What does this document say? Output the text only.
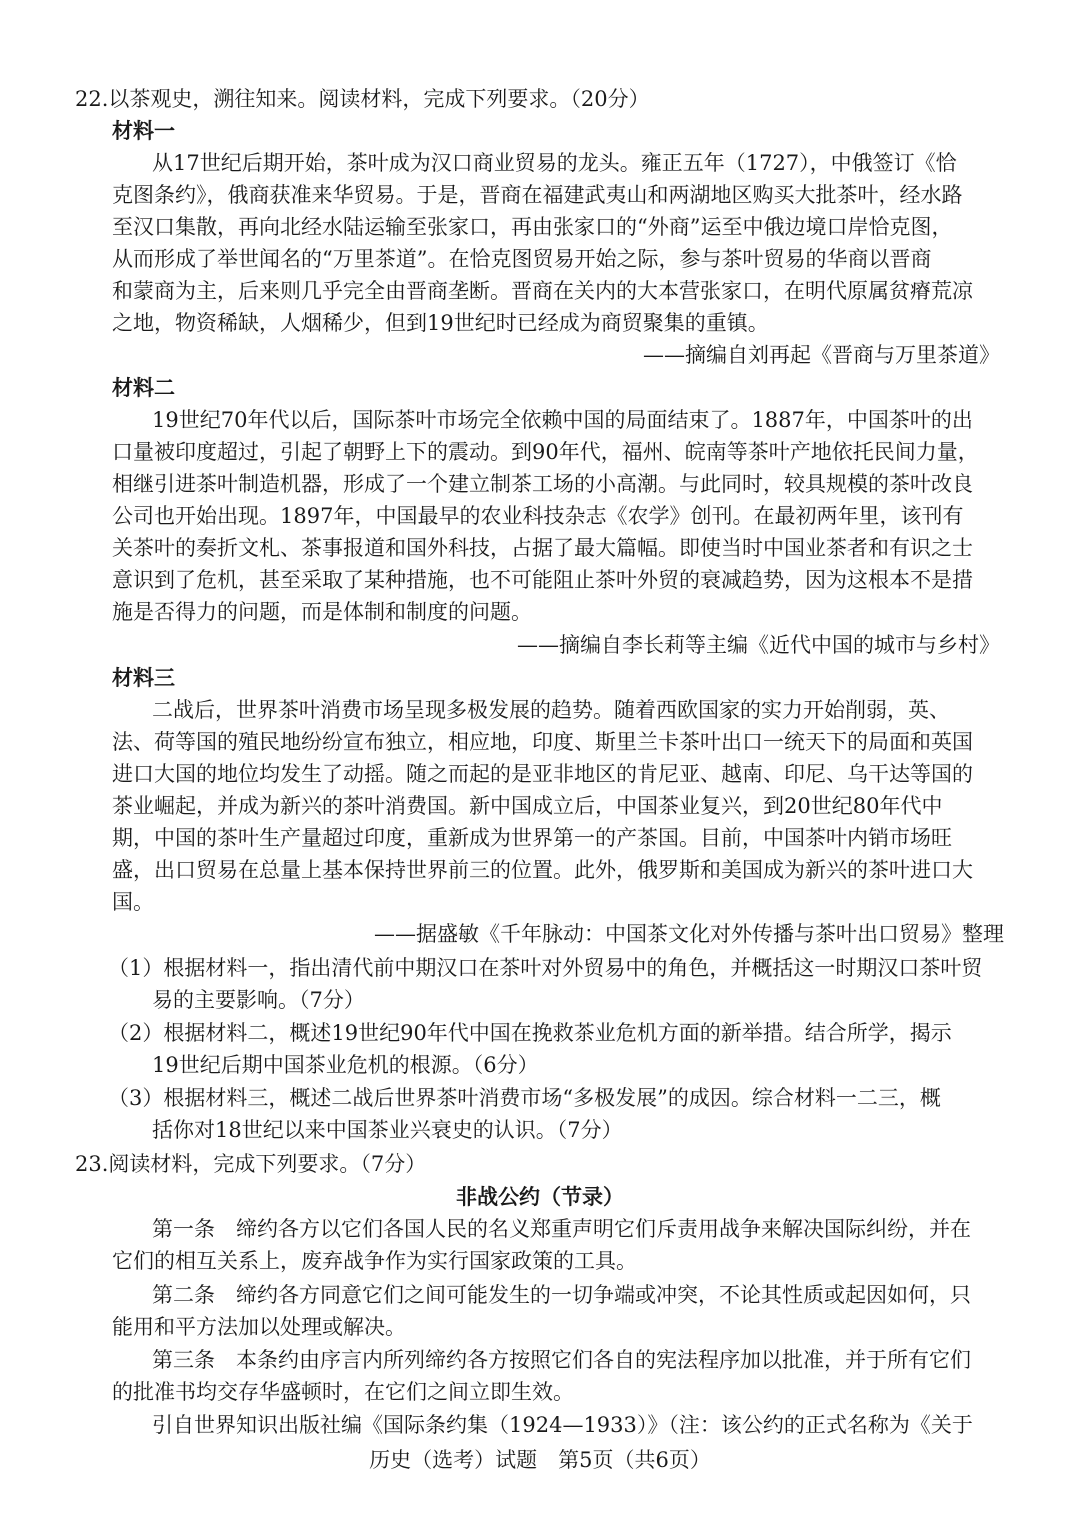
22.以茶观史，溯往知来。阅读材料，完成下列要求。（20分）
材料一
从17世纪后期开始，茶叶成为汉口商业贸易的龙头。雍正五年（1727），中俄签订《恰
克图条约》，俄商获准来华贸易。于是，晋商在福建武夷山和两湖地区购买大批茶叶，经水路
至汉口集散，再向北经水陆运输至张家口，再由张家口的“外商”运至中俄边境口岸恰克图，
从而形成了举世闻名的“万里茶道”。在恰克图贸易开始之际，参与茶叶贸易的华商以晋商
和蒙商为主，后来则几乎完全由晋商垄断。晋商在关内的大本营张家口，在明代原属贫瘠荒凉
之地，物资稀缺，人烟稀少，但到19世纪时已经成为商贸聚集的重镇。
——摘编自刘再起《晋商与万里茶道》
材料二
19世纪70年代以后，国际茶叶市场完全依赖中国的局面结束了。1887年，中国茶叶的出
口量被印度超过，引起了朝野上下的震动。到90年代，福州、皖南等茶叶产地依托民间力量，
相继引进茶叶制造机器，形成了一个建立制茶工场的小高潮。与此同时，较具规模的茶叶改良
公司也开始出现。1897年，中国最早的农业科技杂志《农学》创刊。在最初两年里，该刊有
关茶叶的奏折文札、茶事报道和国外科技，占据了最大篇幅。即使当时中国业茶者和有识之士
意识到了危机，甚至采取了某种措施，也不可能阻止茶叶外贸的衰减趋势，因为这根本不是措
施是否得力的问题，而是体制和制度的问题。
——摘编自李长莉等主编《近代中国的城市与乡村》
材料三
二战后，世界茶叶消费市场呈现多极发展的趋势。随着西欧国家的实力开始削弱，英、
法、荷等国的殖民地纷纷宣布独立，相应地，印度、斯里兰卡茶叶出口一统天下的局面和英国
进口大国的地位均发生了动摇。随之而起的是亚非地区的肯尼亚、越南、印尼、乌干达等国的
茶业崛起，并成为新兴的茶叶消费国。新中国成立后，中国茶业复兴，到20世纪80年代中
期，中国的茶叶生产量超过印度，重新成为世界第一的产茶国。目前，中国茶叶内销市场旺
盛，出口贸易在总量上基本保持世界前三的位置。此外，俄罗斯和美国成为新兴的茶叶进口大
国。
——据盛敏《千年脉动：中国茶文化对外传播与茶叶出口贸易》整理
（1）根据材料一，指出清代前中期汉口在茶叶对外贸易中的角色，并概括这一时期汉口茶叶贸
易的主要影响。（7分）
（2）根据材料二，概述19世纪90年代中国在挽救茶业危机方面的新举措。结合所学，揭示
19世纪后期中国茶业危机的根源。（6分）
（3）根据材料三，概述二战后世界茶叶消费市场“多极发展”的成因。综合材料一二三，概
括你对18世纪以来中国茶业兴衰史的认识。（7分）
23.阅读材料，完成下列要求。（7分）
非战公约（节录）
第一条　缔约各方以它们各国人民的名义郑重声明它们斥责用战争来解决国际纠纷，并在
它们的相互关系上，废弃战争作为实行国家政策的工具。
第二条　缔约各方同意它们之间可能发生的一切争端或冲突，不论其性质或起因如何，只
能用和平方法加以处理或解决。
第三条　本条约由序言内所列缔约各方按照它们各自的宪法程序加以批准，并于所有它们
的批准书均交存华盛顿时，在它们之间立即生效。
引自世界知识出版社编《国际条约集（1924—1933）》（注：该公约的正式名称为《关于
历史（选考）试题　第5页（共6页）
